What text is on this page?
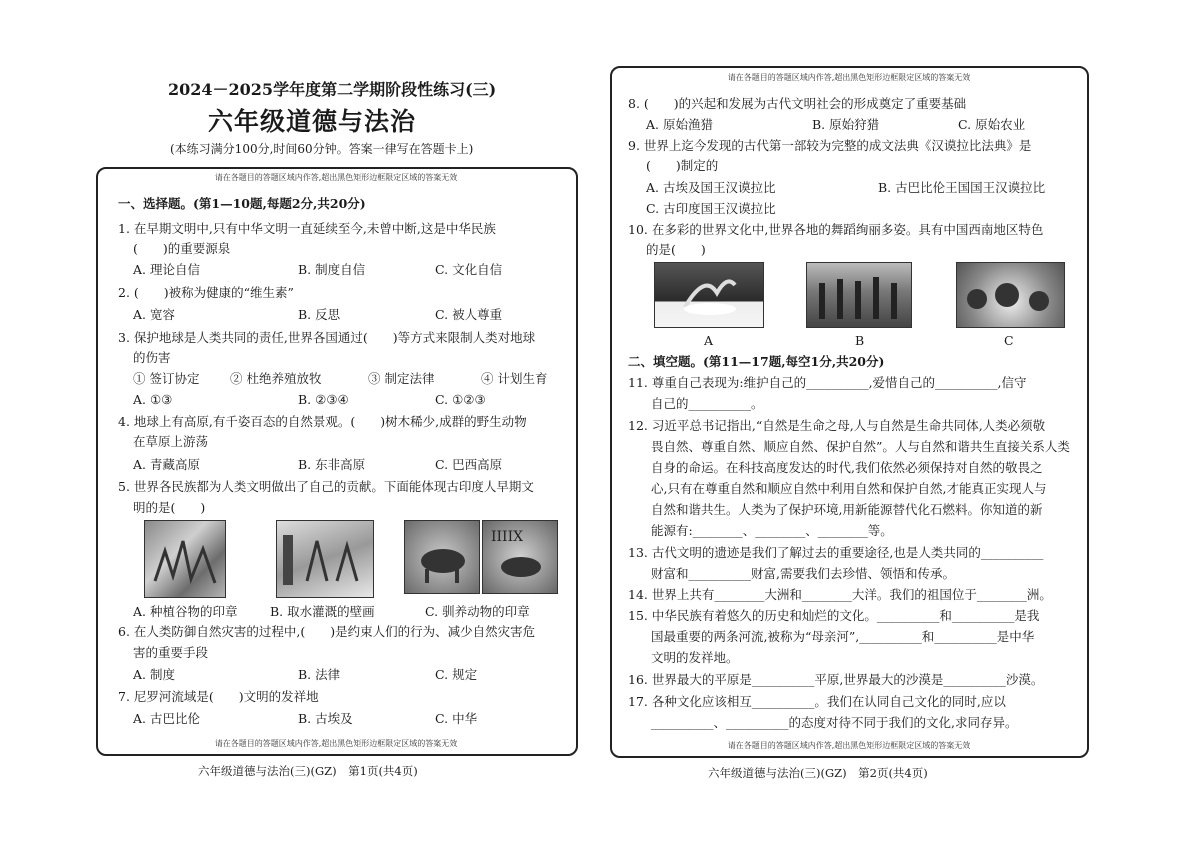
2024－2025学年度第二学期阶段性练习(三)
六年级道德与法治
(本练习满分100分,时间60分钟。答案一律写在答题卡上)
请在各题目的答题区域内作答,超出黑色矩形边框限定区域的答案无效
一、选择题。(第1—10题,每题2分,共20分)
1. 在早期文明中,只有中华文明一直延续至今,未曾中断,这是中华民族
(　　)的重要源泉
A. 理论自信	B. 制度自信	C. 文化自信
2. (　　)被称为健康的“维生素”
A. 宽容	B. 反思	C. 被人尊重
3. 保护地球是人类共同的责任,世界各国通过(　　)等方式来限制人类对地球
的伤害
① 签订协定 ② 杜绝养殖放牧	③ 制定法律	④ 计划生育
A. ①③	B. ②③④	C. ①②③
4. 地球上有高原,有千姿百态的自然景观。(　　)树木稀少,成群的野生动物
在草原上游荡
A. 青藏高原	B. 东非高原	C. 巴西高原
5. 世界各民族都为人类文明做出了自己的贡献。下面能体现古印度人早期文
明的是(　　)
IIIIX
A. 种植谷物的印章	B. 取水灌溉的壁画	C. 驯养动物的印章
6. 在人类防御自然灾害的过程中,(　　)是约束人们的行为、减少自然灾害危
害的重要手段
A. 制度	B. 法律	C. 规定
7. 尼罗河流域是(　　)文明的发祥地
A. 古巴比伦	B. 古埃及	C. 中华
请在各题目的答题区域内作答,超出黑色矩形边框限定区域的答案无效
六年级道德与法治(三)(GZ)　第1页(共4页)
请在各题目的答题区域内作答,超出黑色矩形边框限定区域的答案无效
8. (　　)的兴起和发展为古代文明社会的形成奠定了重要基础
A. 原始渔猎	B. 原始狩猎	C. 原始农业
9. 世界上迄今发现的古代第一部较为完整的成文法典《汉谟拉比法典》是
(　　)制定的
A. 古埃及国王汉谟拉比	B. 古巴比伦王国国王汉谟拉比
C. 古印度国王汉谟拉比
10. 在多彩的世界文化中,世界各地的舞蹈绚丽多姿。具有中国西南地区特色
的是(　　)
A	B	C
二、填空题。(第11—17题,每空1分,共20分)
11. 尊重自己表现为:维护自己的__________,爱惜自己的__________,信守
自己的__________。
12. 习近平总书记指出,“自然是生命之母,人与自然是生命共同体,人类必须敬
畏自然、尊重自然、顺应自然、保护自然”。人与自然和谐共生直接关系人类
自身的命运。在科技高度发达的时代,我们依然必须保持对自然的敬畏之
心,只有在尊重自然和顺应自然中利用自然和保护自然,才能真正实现人与
自然和谐共生。人类为了保护环境,用新能源替代化石燃料。你知道的新
能源有:________、________、________等。
13. 古代文明的遗迹是我们了解过去的重要途径,也是人类共同的__________
财富和__________财富,需要我们去珍惜、领悟和传承。
14. 世界上共有________大洲和________大洋。我们的祖国位于________洲。
15. 中华民族有着悠久的历史和灿烂的文化。__________和__________是我
国最重要的两条河流,被称为“母亲河”,__________和__________是中华
文明的发祥地。
16. 世界最大的平原是__________平原,世界最大的沙漠是__________沙漠。
17. 各种文化应该相互__________。我们在认同自己文化的同时,应以
__________、__________的态度对待不同于我们的文化,求同存异。
请在各题目的答题区域内作答,超出黑色矩形边框限定区域的答案无效
六年级道德与法治(三)(GZ)　第2页(共4页)
